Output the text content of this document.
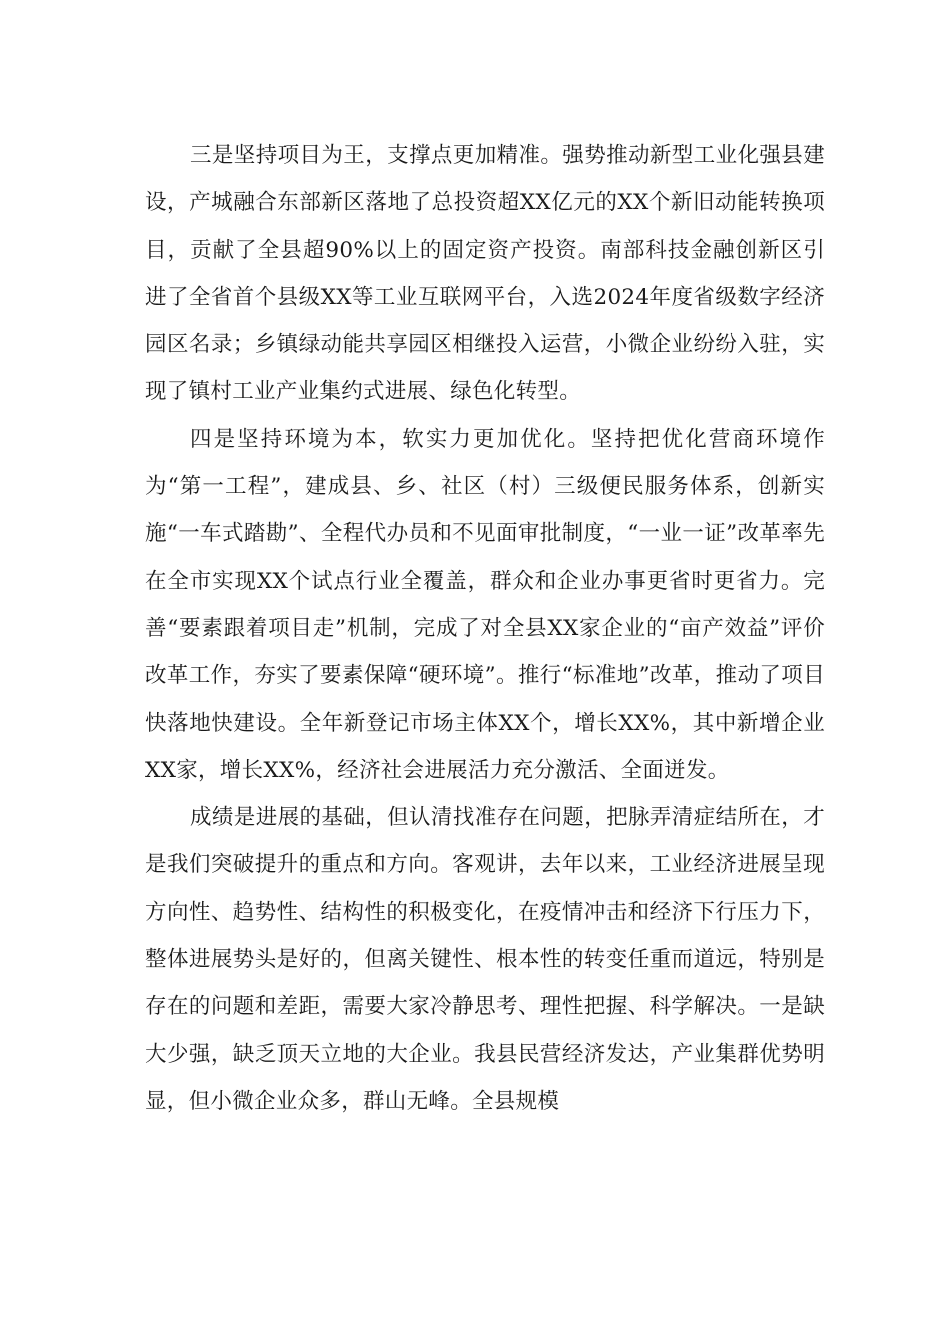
三是坚持项目为王，支撑点更加精准。强势推动新型工业化强县建设，产城融合东部新区落地了总投资超XX亿元的XX个新旧动能转换项目，贡献了全县超90%以上的固定资产投资。南部科技金融创新区引进了全省首个县级XX等工业互联网平台，入选2024年度省级数字经济园区名录；乡镇绿动能共享园区相继投入运营，小微企业纷纷入驻，实现了镇村工业产业集约式进展、绿色化转型。

四是坚持环境为本，软实力更加优化。坚持把优化营商环境作为“第一工程”，建成县、乡、社区（村）三级便民服务体系，创新实施“一车式踏勘”、全程代办员和不见面审批制度，“一业一证”改革率先在全市实现XX个试点行业全覆盖，群众和企业办事更省时更省力。完善“要素跟着项目走”机制，完成了对全县XX家企业的“亩产效益”评价改革工作，夯实了要素保障“硬环境”。推行“标准地”改革，推动了项目快落地快建设。全年新登记市场主体XX个，增长XX%，其中新增企业XX家，增长XX%，经济社会进展活力充分激活、全面迸发。

成绩是进展的基础，但认清找准存在问题，把脉弄清症结所在，才是我们突破提升的重点和方向。客观讲，去年以来，工业经济进展呈现方向性、趋势性、结构性的积极变化，在疫情冲击和经济下行压力下，整体进展势头是好的，但离关键性、根本性的转变任重而道远，特别是存在的问题和差距，需要大家冷静思考、理性把握、科学解决。一是缺大少强，缺乏顶天立地的大企业。我县民营经济发达，产业集群优势明显，但小微企业众多，群山无峰。全县规模
